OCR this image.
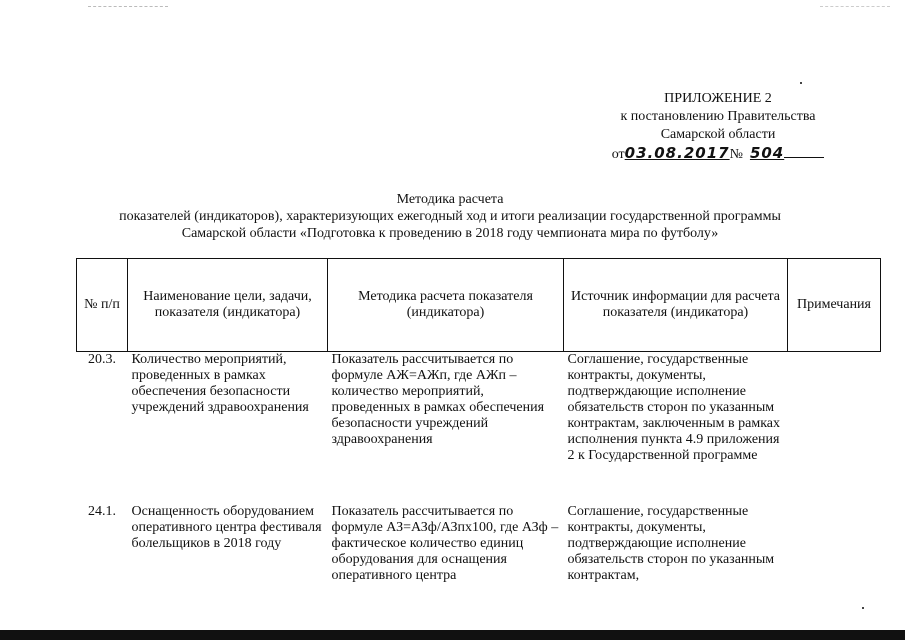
ПРИЛОЖЕНИЕ 2
к постановлению Правительства
Самарской области
от03.08.2017№ 504
Методика расчета
показателей (индикаторов), характеризующих ежегодный ход и итоги реализации государственной программы
Самарской области «Подготовка к проведению в 2018 году чемпионата мира по футболу»
№ п/п	Наименование цели, задачи, показателя (индикатора)	Методика расчета показателя (индикатора)	Источник информации для расчета показателя (индикатора)	Примечания
20.3.	Количество мероприятий, проведенных в рамках обеспечения безопасности учреждений здравоохранения	Показатель рассчитывается по формуле АЖ=АЖп, где АЖп – количество мероприятий, проведенных в рамках обеспечения безопасности учреждений здравоохранения	Соглашение, государственные контракты, документы, подтверждающие исполнение обязательств сторон по указанным контрактам, заключенным в рамках исполнения пункта 4.9 приложения 2 к Государственной программе	
24.1.	Оснащенность оборудованием оперативного центра фестиваля болельщиков в 2018 году	Показатель рассчитывается по формуле АЗ=АЗф/АЗпх100, где АЗф – фактическое количество единиц оборудования для оснащения оперативного центра	Соглашение, государственные контракты, документы, подтверждающие исполнение обязательств сторон по указанным контрактам,	
